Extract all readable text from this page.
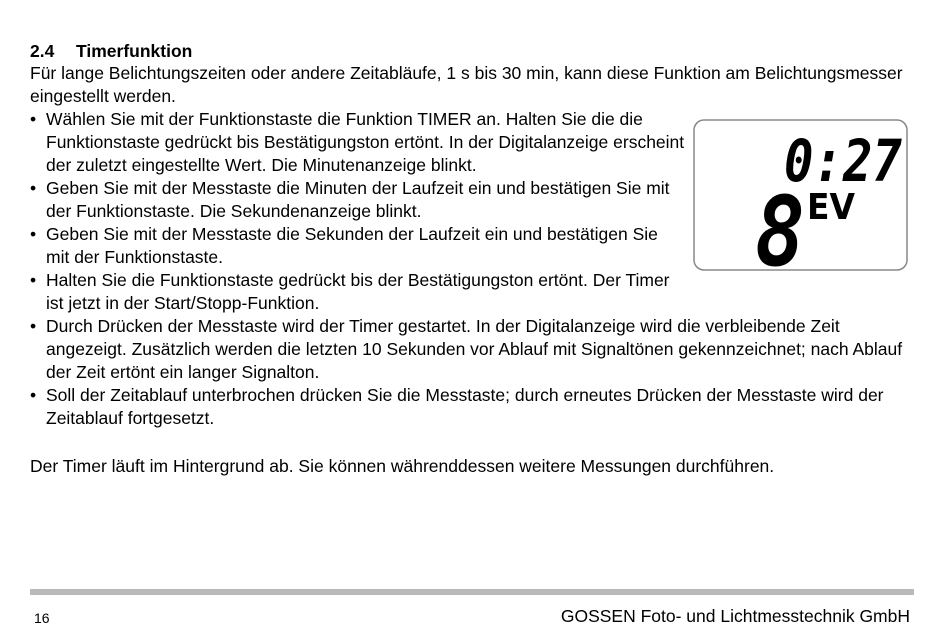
2.4 Timerfunktion
Für lange Belichtungszeiten oder andere Zeitabläufe, 1 s bis 30 min, kann diese Funktion am Belichtungsmesser eingestellt werden.
• Wählen Sie mit der Funktionstaste die Funktion TIMER an. Halten Sie die die Funktionstaste gedrückt bis Bestätigungston ertönt. In der Digitalanzeige erscheint der zuletzt eingestellte Wert. Die Minutenanzeige blinkt.
• Geben Sie mit der Messtaste die Minuten der Laufzeit ein und bestätigen Sie mit der Funktionstaste. Die Sekundenanzeige blinkt.
• Geben Sie mit der Messtaste die Sekunden der Laufzeit ein und bestätigen Sie mit der Funktionstaste.
• Halten Sie die Funktionstaste gedrückt bis der Bestätigungston ertönt. Der Timer ist jetzt in der Start/Stopp-Funktion.
• Durch Drücken der Messtaste wird der Timer gestartet. In der Digitalanzeige wird die verbleibende Zeit angezeigt. Zusätzlich werden die letzten 10 Sekunden vor Ablauf mit Signaltönen gekennzeichnet; nach Ablauf der Zeit ertönt ein langer Signalton.
• Soll der Zeitablauf unterbrochen drücken Sie die Messtaste; durch erneutes Drücken der Messtaste wird der Zeitablauf fortgesetzt.
Der Timer läuft im Hintergrund ab. Sie können währenddessen weitere Messungen durchführen.
0:27
8 EV
16	GOSSEN Foto- und Lichtmesstechnik GmbH
